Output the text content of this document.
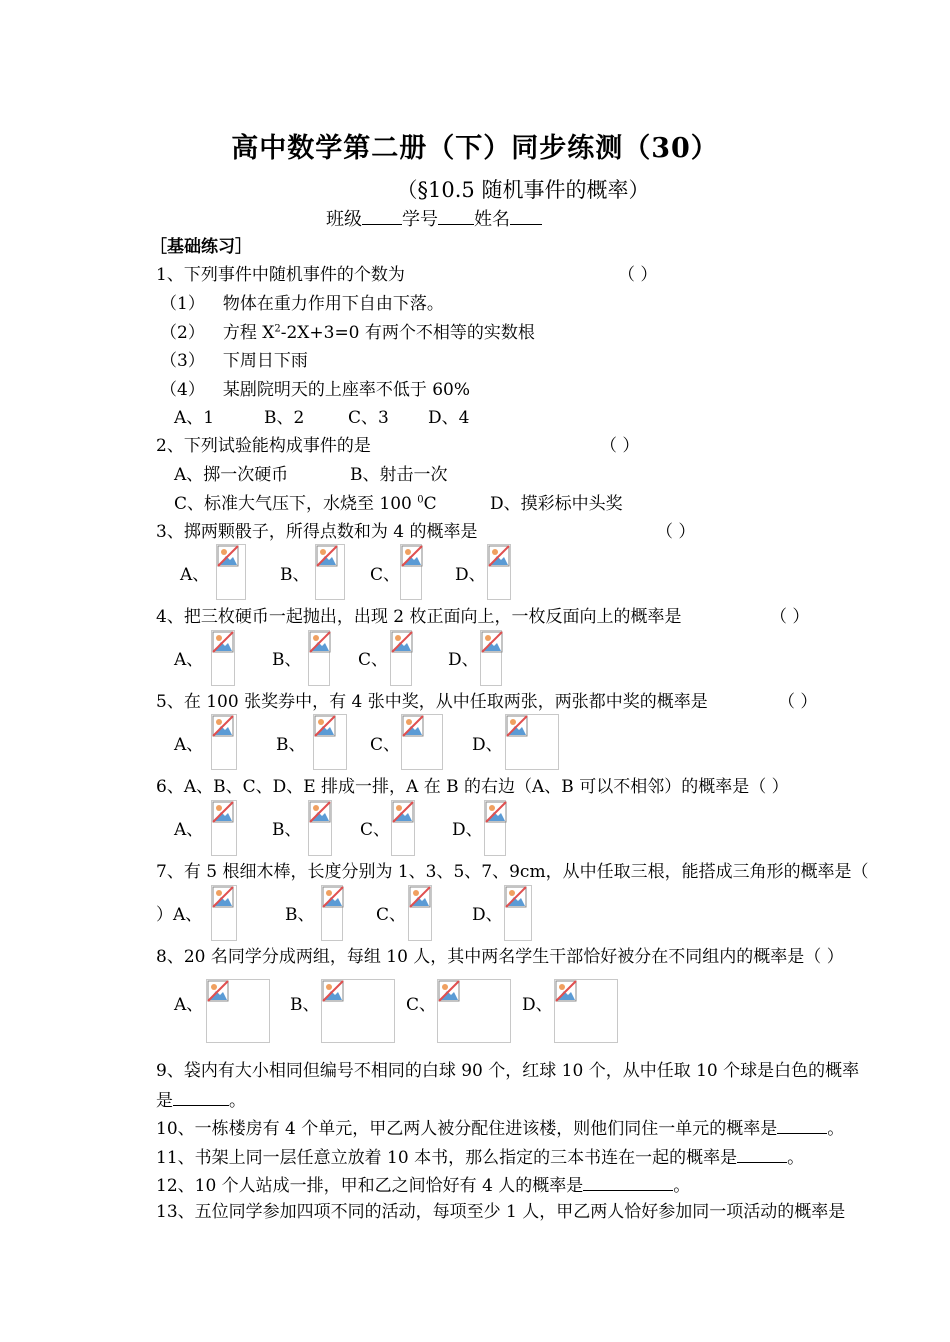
高中数学第二册（下）同步练测（30）
（§10.5 随机事件的概率）
班级 学号 姓名
［基础练习］
1、下列事件中随机事件的个数为	（ ）
（1） 物体在重力作用下自由下落。
（2） 方程 $X^2-2X+3=0$ 有两个不相等的实数根
（3） 下周日下雨
（4） 某剧院明天的上座率不低于 60%
A、1	B、2	C、3 D、4
2、下列试验能构成事件的是	（ ）
A、掷一次硬币	B、射击一次
C、标准大气压下，水烧至 100 $^0$C	D、摸彩标中头奖
3、掷两颗骰子，所得点数和为 4 的概率是	（ ）
A、	B、	C、	D、
4、把三枚硬币一起抛出，出现 2 枚正面向上，一枚反面向上的概率是	（ ）
A、	B、	C、	D、
5、在 100 张奖券中，有 4 张中奖，从中任取两张，两张都中奖的概率是	（ ）
A、	B、	C、	D、
6、A、B、C、D、E 排成一排，A 在 B 的右边（A、B 可以不相邻）的概率是（ ）
A、	B、	C、	D、
7、有 5 根细木棒，长度分别为 1、3、5、7、9cm，从中任取三根，能搭成三角形的概率是（
）A、	B、	C、	D、
8、20 名同学分成两组，每组 10 人，其中两名学生干部恰好被分在不同组内的概率是（ ）
A、	B、	C、	D、
9、袋内有大小相同但编号不相同的白球 90 个，红球 10 个，从中任取 10 个球是白色的概率
是	。
10、一栋楼房有 4 个单元，甲乙两人被分配住进该楼，则他们同住一单元的概率是	。
11、书架上同一层任意立放着 10 本书，那么指定的三本书连在一起的概率是	。
12、10 个人站成一排，甲和乙之间恰好有 4 人的概率是	。
13、五位同学参加四项不同的活动，每项至少 1 人，甲乙两人恰好参加同一项活动的概率是
